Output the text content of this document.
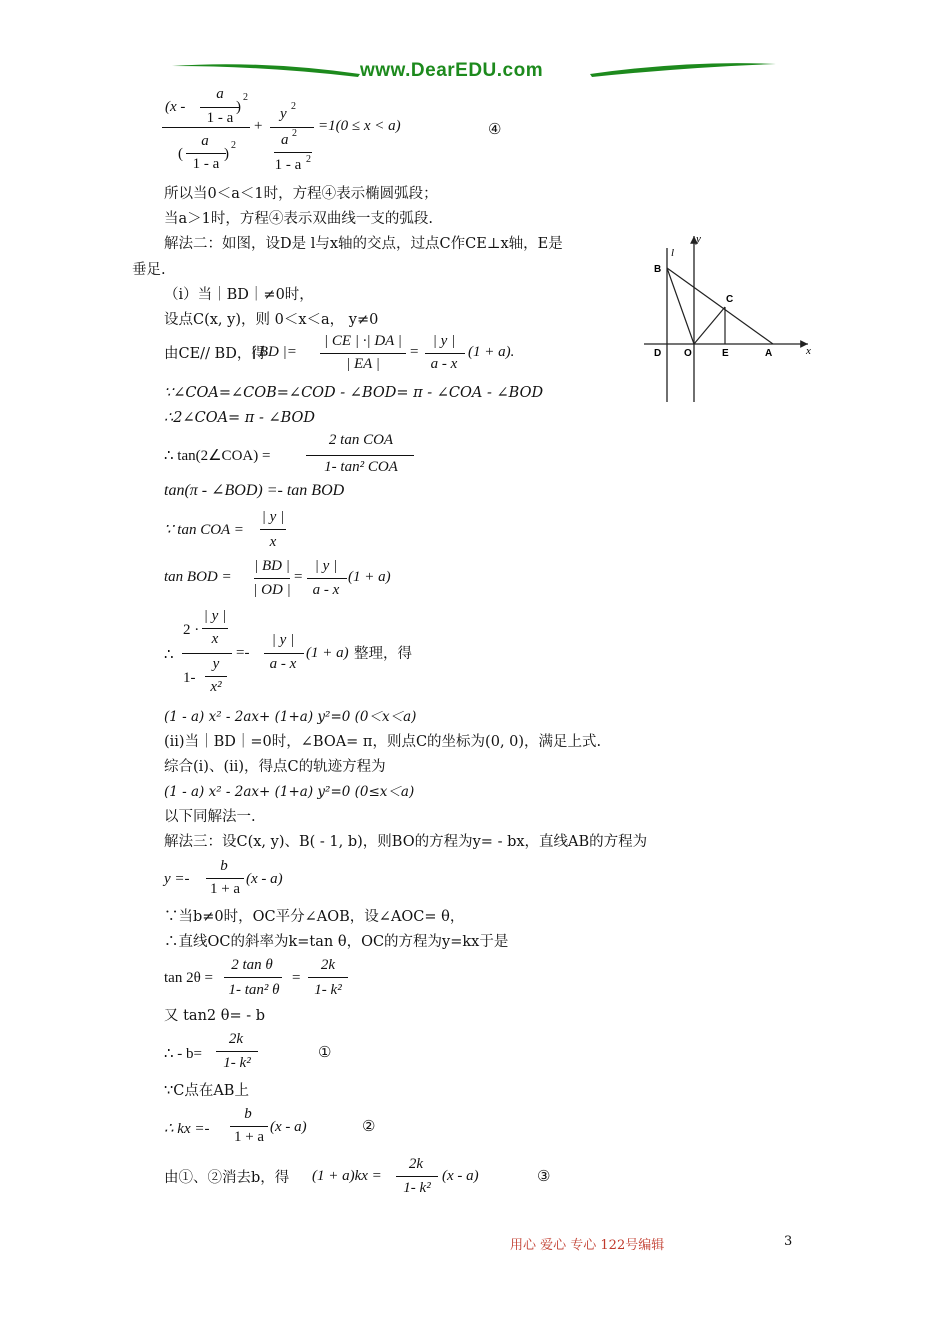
www.DearEDU.com
(x -
a
1 - a
)
2
(
a
1 - a
)
2
+
y 2
a 2
1 - a 2
=1(0 ≤ x < a)	④
所以当0＜a＜1时，方程④表示椭圆弧段；
当a＞1时，方程④表示双曲线一支的弧段.
解法二：如图，设D是 l与x轴的交点，过点C作CE⊥x轴，E是
垂足.
（i）当｜BD｜≠0时，
设点C(x, y)，则 0＜x＜a， y≠0
由CE// BD，得
| BD |=
| CE | ·| DA |
| EA |
=
| y |
a - x
(1 + a).
∵∠COA=∠COB=∠COD - ∠BOD= π - ∠COA - ∠BOD
∴2∠COA= π - ∠BOD
∴ tan(2∠COA) =
2 tan COA
1- tan² COA
tan(π - ∠BOD) =- tan BOD
∵ tan COA =
| y |
x
tan BOD =
| BD |
| OD |
=
| y |
a - x
(1 + a)
∴
2 ·
| y |
x
1-
y
x²
=-
| y |
a - x
(1 + a) 整理，得
(1 - a) x² - 2ax+ (1+a) y²=0 (0＜x＜a)
(ii)当｜BD｜=0时，∠BOA= π，则点C的坐标为(0, 0)，满足上式.
综合(i)、(ii)，得点C的轨迹方程为
(1 - a) x² - 2ax+ (1+a) y²=0 (0≤x＜a)
以下同解法一.
解法三：设C(x, y)、B( - 1, b)，则BO的方程为y= - bx，直线AB的方程为
y =-
b
1 + a
(x - a)
∵当b≠0时，OC平分∠AOB，设∠AOC= θ，
∴直线OC的斜率为k=tan θ，OC的方程为y=kx于是
tan 2θ =
2 tan θ
1- tan² θ
=
2k
1- k²
又 tan2 θ= - b
∴ - b=
2k
1- k²
①
∵C点在AB上
∴ kx =-
b
1 + a
(x - a)	②
由①、②消去b，得 (1 + a)kx =
2k
1- k²
(x - a)	③
y
x
l
B
C
D O	E	A
用心 爱心 专心 122号编辑	3
